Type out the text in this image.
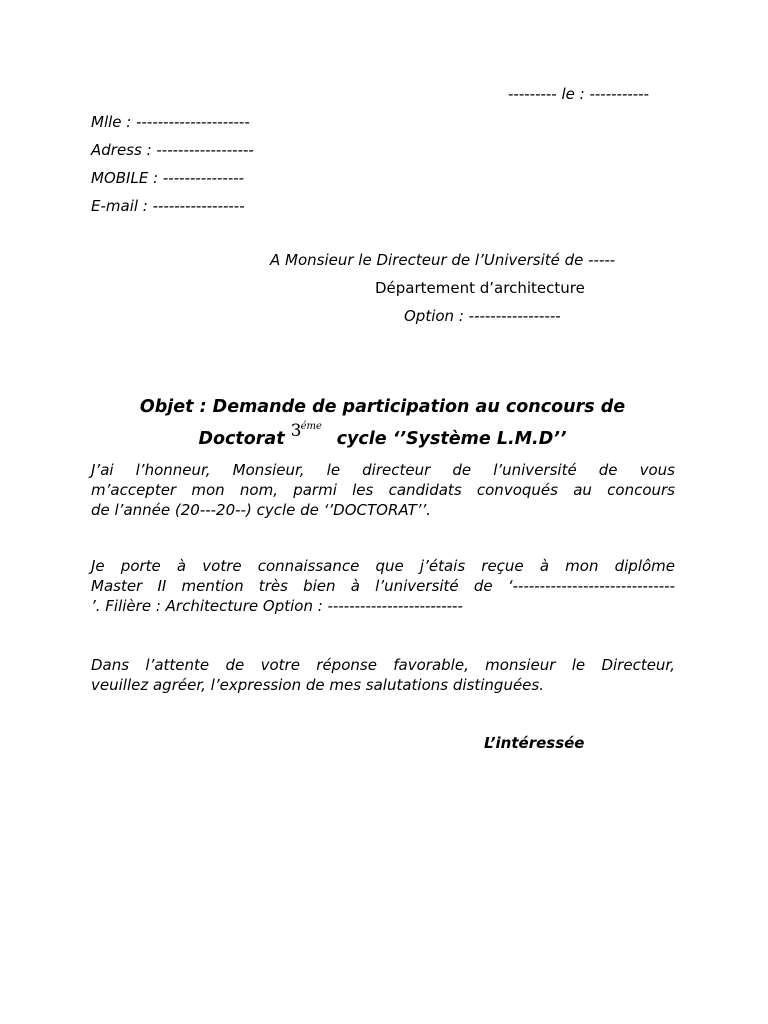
--------- le : -----------
Mlle : ---------------------
Adress : ------------------
MOBILE : ---------------
E-mail : -----------------
A Monsieur le Directeur de l’Université de -----
Département d’architecture
Option : -----------------
Objet : Demande de participation au concours de
Doctorat 3 éme
cycle ‘’Système L.M.D’’
J’ai l’honneur, Monsieur, le directeur de l’université de vous
m’accepter mon nom, parmi les candidats convoqués au concours
de l’année (20---20--) cycle de ‘’DOCTORAT’’.
Je porte à votre connaissance que j’étais reçue à mon diplôme
Master II mention très bien à l’université de ‘------------------------------
’. Filière : Architecture Option : -------------------------
Dans l’attente de votre réponse favorable, monsieur le Directeur,
veuillez agréer, l’expression de mes salutations distinguées.
L’intéressée
